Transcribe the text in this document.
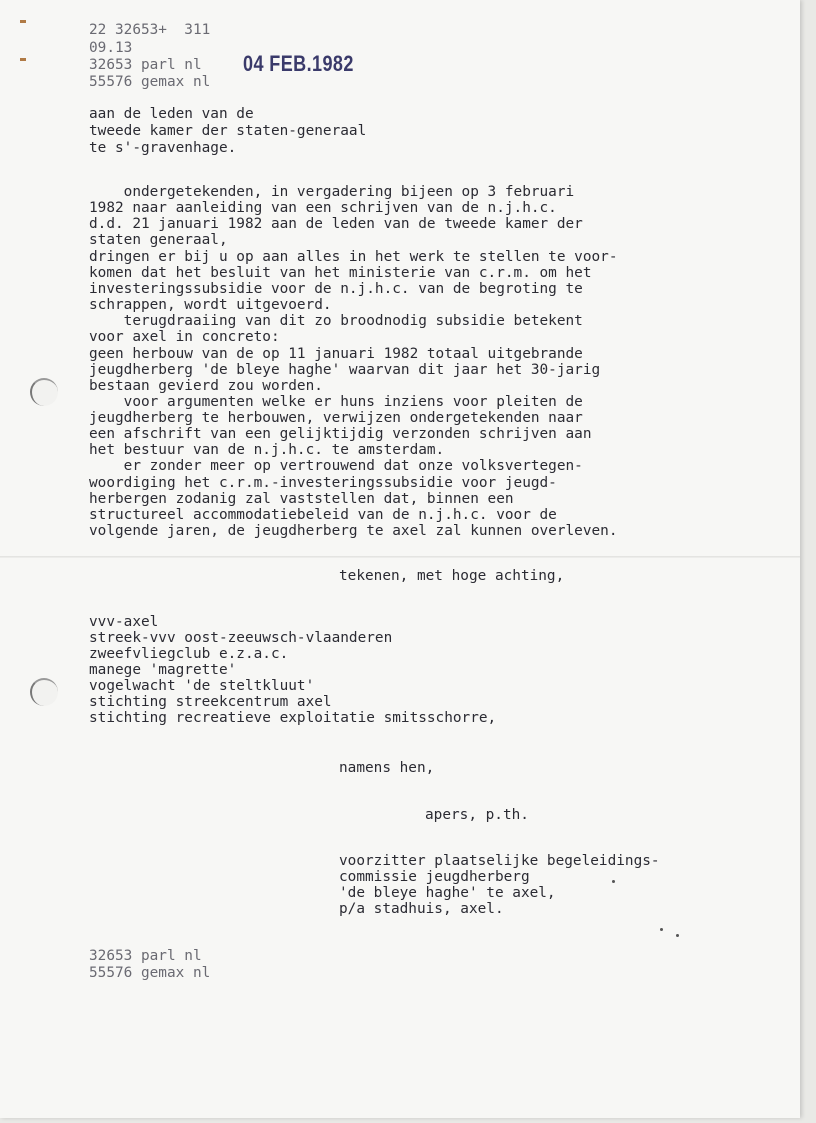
22 32653+  311
09.13
32653 parl nl
55576 gemax nl
04 FEB.1982
aan de leden van de
tweede kamer der staten-generaal
te s'-gravenhage.
ondergetekenden, in vergadering bijeen op 3 februari
1982 naar aanleiding van een schrijven van de n.j.h.c.
d.d. 21 januari 1982 aan de leden van de tweede kamer der
staten generaal,
dringen er bij u op aan alles in het werk te stellen te voor-
komen dat het besluit van het ministerie van c.r.m. om het
investeringssubsidie voor de n.j.h.c. van de begroting te
schrappen, wordt uitgevoerd.
terugdraaiing van dit zo broodnodig subsidie betekent
voor axel in concreto:
geen herbouw van de op 11 januari 1982 totaal uitgebrande
jeugdherberg 'de bleye haghe' waarvan dit jaar het 30-jarig
bestaan gevierd zou worden.
voor argumenten welke er huns inziens voor pleiten de
jeugdherberg te herbouwen, verwijzen ondergetekenden naar
een afschrift van een gelijktijdig verzonden schrijven aan
het bestuur van de n.j.h.c. te amsterdam.
er zonder meer op vertrouwend dat onze volksvertegen-
woordiging het c.r.m.-investeringssubsidie voor jeugd-
herbergen zodanig zal vaststellen dat, binnen een
structureel accommodatiebeleid van de n.j.h.c. voor de
volgende jaren, de jeugdherberg te axel zal kunnen overleven.
tekenen, met hoge achting,
vvv-axel
streek-vvv oost-zeeuwsch-vlaanderen
zweefvliegclub e.z.a.c.
manege 'magrette'
vogelwacht 'de steltkluut'
stichting streekcentrum axel
stichting recreatieve exploitatie smitsschorre,
namens hen,
apers, p.th.
voorzitter plaatselijke begeleidings-
commissie jeugdherberg
'de bleye haghe' te axel,
p/a stadhuis, axel.
32653 parl nl
55576 gemax nl
